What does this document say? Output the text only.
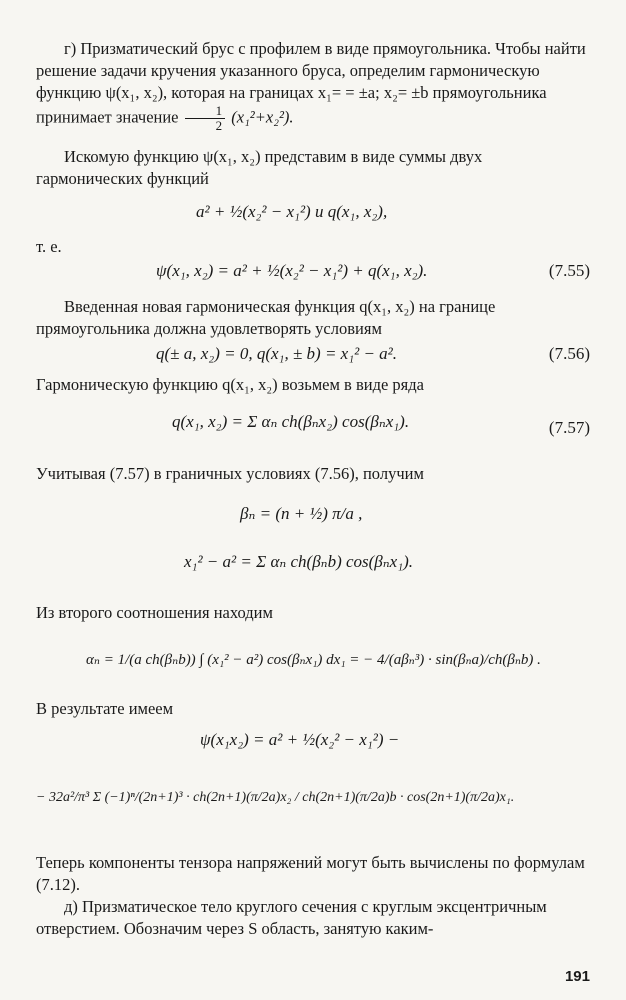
г) Призматический брус с профилем в виде прямоугольника. Чтобы найти решение задачи кручения указанного бруса, определим гармоническую функцию ψ(x₁, x₂), которая на границах x₁= = ±a; x₂= ±b прямоугольника принимает значение $\frac{1}{2} (x_1^2+x_2^2)$.

Искомую функцию ψ(x₁, x₂) представим в виде суммы двух гармонических функций

a² + ½(x₂² − x₁²) и q(x₁, x₂),

т. е.

ψ(x₁, x₂) = a² + ½(x₂² − x₁²) + q(x₁, x₂).	(7.55)

Введенная новая гармоническая функция q(x₁, x₂) на границе прямоугольника должна удовлетворять условиям

q(± a, x₂) = 0, q(x₁, ± b) = x₁² − a².	(7.56)

Гармоническую функцию q(x₁, x₂) возьмем в виде ряда

q(x₁, x₂) = Σ αₙ ch(βₙx₂) cos(βₙx₁).	(7.57)

Учитывая (7.57) в граничных условиях (7.56), получим

βₙ = (n + ½) π/a ,
x₁² − a² = Σ αₙ ch(βₙb) cos(βₙx₁).

Из второго соотношения находим

αₙ = 1/(a ch(βₙb)) ∫ (x₁² − a²) cos(βₙx₁) dx₁ = − 4/(aβₙ³) · sin(βₙa)/ch(βₙb) .

В результате имеем

ψ(x₁x₂) = a² + ½(x₂² − x₁²) −
− 32a²/π³ Σ (−1)ⁿ/(2n+1)³ · ch(2n+1)(π/2a)x₂ / ch(2n+1)(π/2a)b · cos(2n+1)(π/2a)x₁.

Теперь компоненты тензора напряжений могут быть вычислены по формулам (7.12).

д) Призматическое тело круглого сечения с круглым эксцентричным отверстием. Обозначим через S область, занятую каким-

191
